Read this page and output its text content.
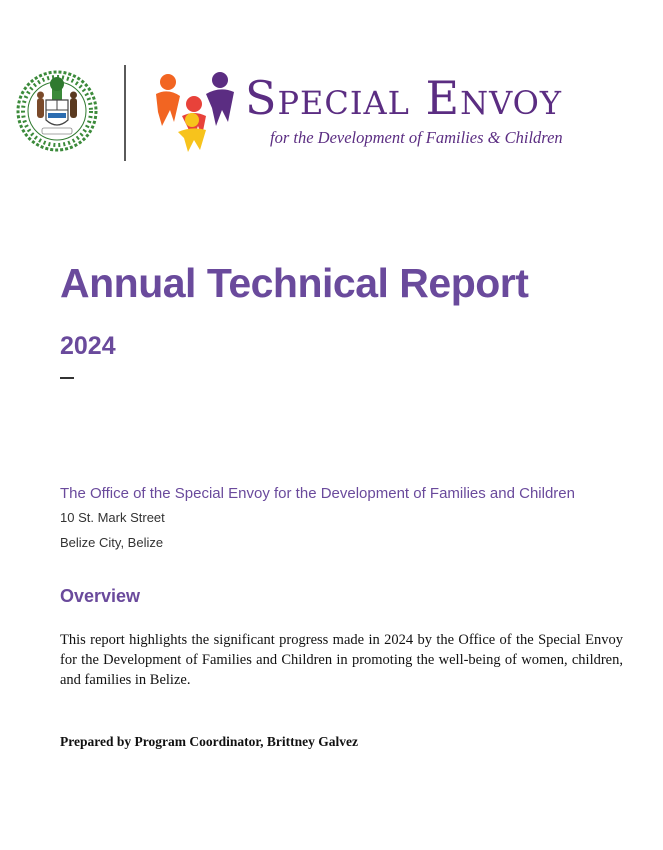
Special Envoy
for the Development of Families & Children
Annual Technical Report
2024
The Office of the Special Envoy for the Development of Families and Children
10 St. Mark Street
Belize City, Belize
Overview

This report highlights the significant progress made in 2024 by the Office of the Special Envoy for the Development of Families and Children in promoting the well-being of women, children, and families in Belize.

Prepared by Program Coordinator, Brittney Galvez
